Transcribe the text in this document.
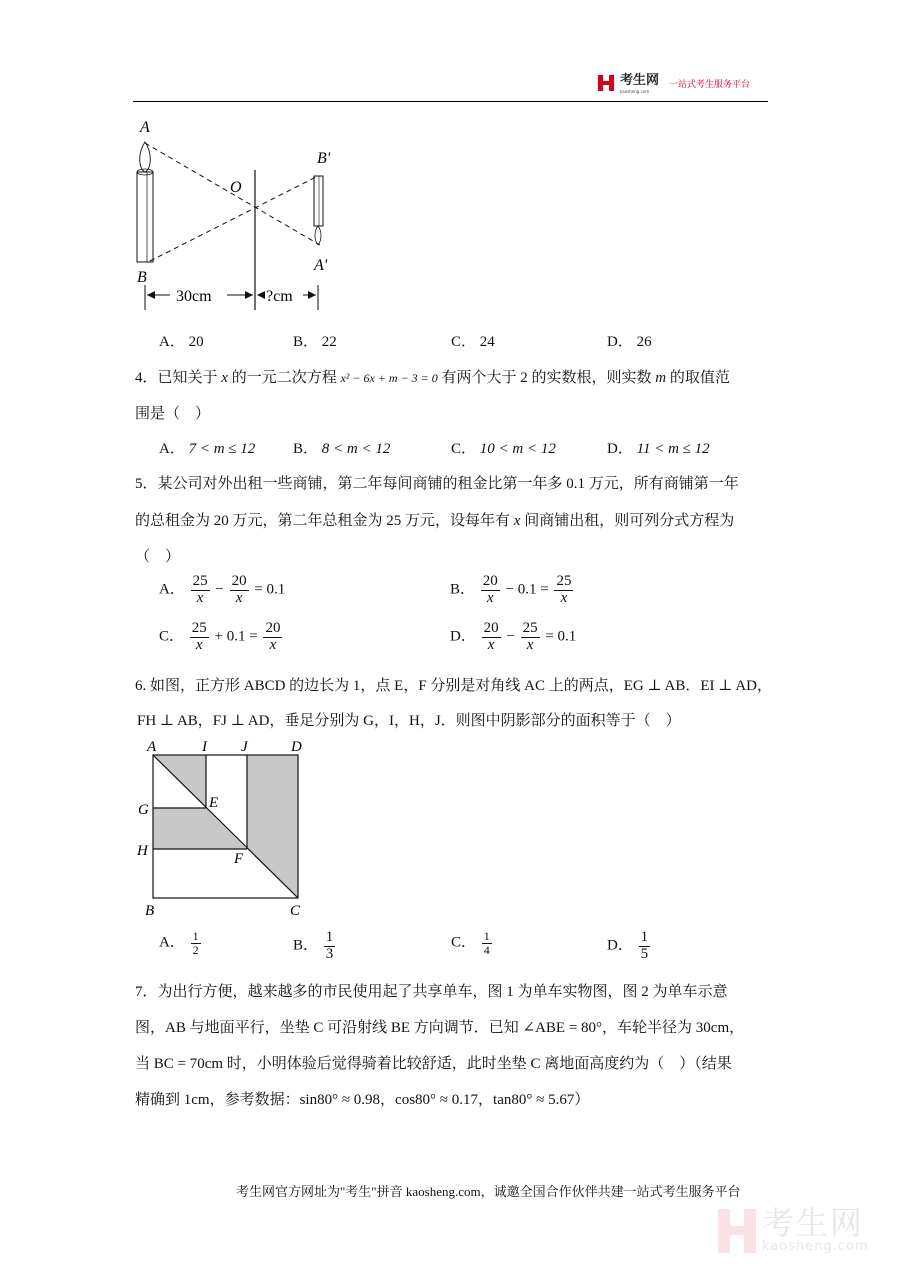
考生网
kaosheng.com
一站式考生服务平台
A
B
O
B'
A'
30cm	?cm
A． 20	B． 22	C． 24	D． 26
4．已知关于 x 的一元二次方程 x² − 6x + m − 3 = 0 有两个大于 2 的实数根，则实数 m 的取值范
围是（　）
A． 7 < m ≤ 12	B． 8 < m < 12	C． 10 < m < 12	D． 11 < m ≤ 12
5．某公司对外出租一些商铺，第二年每间商铺的租金比第一年多 0.1 万元，所有商铺第一年
的总租金为 20 万元，第二年总租金为 25 万元，设每年有 x 间商铺出租，则可列分式方程为
（　）
A． $\frac{25}{x} - \frac{20}{x} = 0.1$	B． $\frac{20}{x} - 0.1 = \frac{25}{x}$
C． $\frac{25}{x} + 0.1 = \frac{20}{x}$	D． $\frac{20}{x} - \frac{25}{x} = 0.1$
6. 如图，正方形 ABCD 的边长为 1，点 E，F 分别是对角线 AC 上的两点，EG ⊥ AB．EI ⊥ AD，
FH ⊥ AB，FJ ⊥ AD，垂足分别为 G，I，H，J．则图中阴影部分的面积等于（　）
A	I J	D
G	E
H	F
B	C
A． $\frac{1}{2}$	B． $\frac{1}{3}$	C． $\frac{1}{4}$	D． $\frac{1}{5}$
7．为出行方便，越来越多的市民使用起了共享单车，图 1 为单车实物图，图 2 为单车示意
图，AB 与地面平行，坐垫 C 可沿射线 BE 方向调节．已知 ∠ABE = 80°，车轮半径为 30cm，
当 BC = 70cm 时，小明体验后觉得骑着比较舒适，此时坐垫 C 离地面高度约为（　）（结果
精确到 1cm，参考数据：sin80° ≈ 0.98，cos80° ≈ 0.17，tan80° ≈ 5.67）
考生网官方网址为"考生"拼音 kaosheng.com，诚邀全国合作伙伴共建一站式考生服务平台
考生网
kaosheng.com
